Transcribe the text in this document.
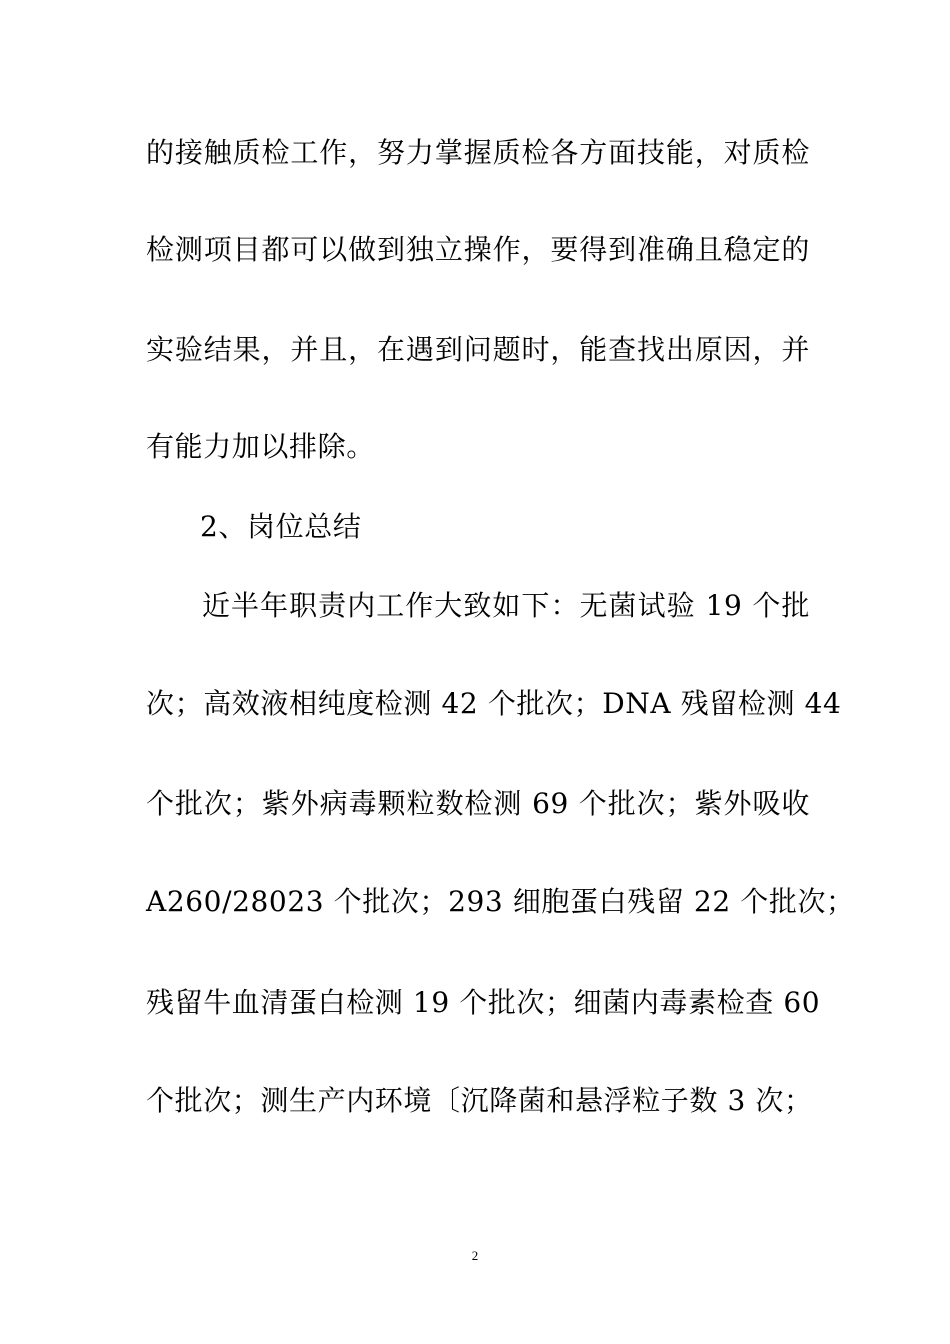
的接触质检工作，努力掌握质检各方面技能，对质检
检测项目都可以做到独立操作，要得到准确且稳定的
实验结果，并且，在遇到问题时，能查找出原因，并
有能力加以排除。
2、岗位总结
近半年职责内工作大致如下：无菌试验 19 个批
次；高效液相纯度检测 42 个批次；DNA 残留检测 44
个批次；紫外病毒颗粒数检测 69 个批次；紫外吸收
A260/28023 个批次；293 细胞蛋白残留 22 个批次；
残留牛血清蛋白检测 19 个批次；细菌内毒素检查 60
个批次；测生产内环境〔沉降菌和悬浮粒子数 3 次；
2
